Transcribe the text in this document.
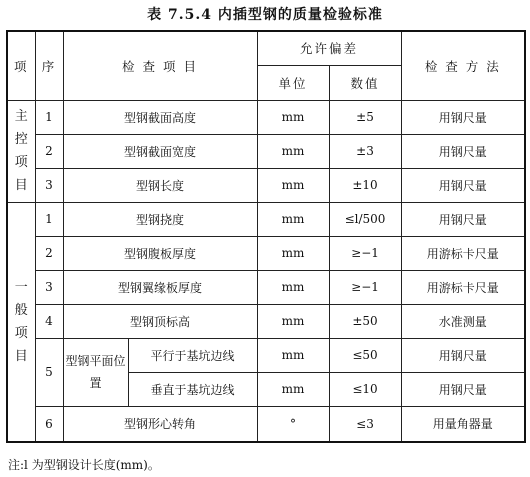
表 7.5.4 内插型钢的质量检验标准
项	序	检 查 项 目		允许偏差		检 查 方 法
				单位	数值	

主
控
项
目	1	型钢截面高度		mm	±5	用钢尺量
	2	型钢截面宽度		mm	±3	用钢尺量
	3	型钢长度		mm	±10	用钢尺量

一
般
项
目	1	型钢挠度		mm	≤l/500	用钢尺量
	2	型钢腹板厚度		mm	≥−1	用游标卡尺量
	3	型钢翼缘板厚度		mm	≥−1	用游标卡尺量
	4	型钢顶标高		mm	±50	水准测量
	5	型钢平面位置	平行于基坑边线	mm	≤50	用钢尺量
			垂直于基坑边线	mm	≤10	用钢尺量
	6	型钢形心转角		°	≤3	用量角器量
注:l 为型钢设计长度(mm)。
